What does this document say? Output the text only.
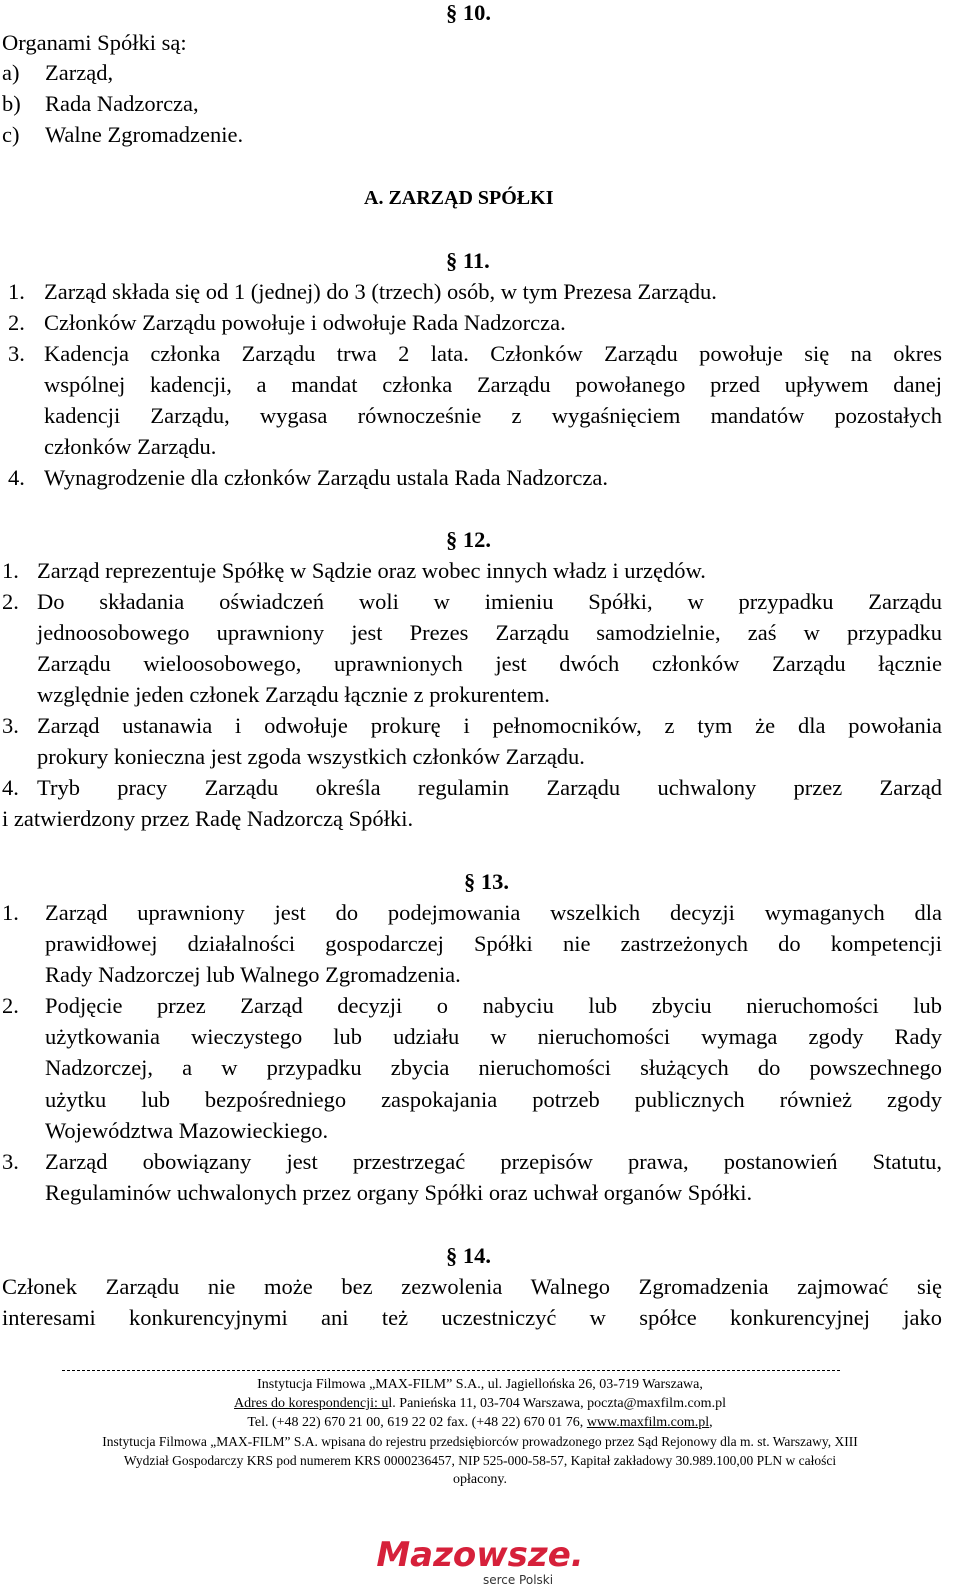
§ 10.
Organami Spółki są:
a) Zarząd,
b) Rada Nadzorcza,
c) Walne Zgromadzenie.
A. ZARZĄD SPÓŁKI
§ 11.
1. Zarząd składa się od 1 (jednej) do 3 (trzech) osób, w tym Prezesa Zarządu.
2. Członków Zarządu powołuje i odwołuje Rada Nadzorcza.
3. Kadencja członka Zarządu trwa 2 lata. Członków Zarządu powołuje się na okres
wspólnej kadencji, a mandat członka Zarządu powołanego przed upływem danej
kadencji Zarządu, wygasa równocześnie z wygaśnięciem mandatów pozostałych
członków Zarządu.
4. Wynagrodzenie dla członków Zarządu ustala Rada Nadzorcza.
§ 12.
1. Zarząd reprezentuje Spółkę w Sądzie oraz wobec innych władz i urzędów.
2. Do składania oświadczeń woli w imieniu Spółki, w przypadku Zarządu
jednoosobowego uprawniony jest Prezes Zarządu samodzielnie, zaś w przypadku
Zarządu wieloosobowego, uprawnionych jest dwóch członków Zarządu łącznie
względnie jeden członek Zarządu łącznie z prokurentem.
3. Zarząd ustanawia i odwołuje prokurę i pełnomocników, z tym że dla powołania
prokury konieczna jest zgoda wszystkich członków Zarządu.
4. Tryb pracy Zarządu określa regulamin Zarządu uchwalony przez Zarząd
i zatwierdzony przez Radę Nadzorczą Spółki.
§ 13.
1. Zarząd uprawniony jest do podejmowania wszelkich decyzji wymaganych dla
prawidłowej działalności gospodarczej Spółki nie zastrzeżonych do kompetencji
Rady Nadzorczej lub Walnego Zgromadzenia.
2. Podjęcie przez Zarząd decyzji o nabyciu lub zbyciu nieruchomości lub
użytkowania wieczystego lub udziału w nieruchomości wymaga zgody Rady
Nadzorczej, a w przypadku zbycia nieruchomości służących do powszechnego
użytku lub bezpośredniego zaspokajania potrzeb publicznych również zgody
Województwa Mazowieckiego.
3. Zarząd obowiązany jest przestrzegać przepisów prawa, postanowień Statutu,
Regulaminów uchwalonych przez organy Spółki oraz uchwał organów Spółki.
§ 14.
Członek Zarządu nie może bez zezwolenia Walnego Zgromadzenia zajmować się
interesami konkurencyjnymi ani też uczestniczyć w spółce konkurencyjnej jako
Instytucja Filmowa „MAX-FILM” S.A., ul. Jagiellońska 26, 03-719 Warszawa,
Adres do korespondencji: ul. Panieńska 11, 03-704 Warszawa, poczta@maxfilm.com.pl
Tel. (+48 22) 670 21 00, 619 22 02 fax. (+48 22) 670 01 76, www.maxfilm.com.pl,
Instytucja Filmowa „MAX-FILM” S.A. wpisana do rejestru przedsiębiorców prowadzonego przez Sąd Rejonowy dla m. st. Warszawy, XIII
Wydział Gospodarczy KRS pod numerem KRS 0000236457, NIP 525-000-58-57, Kapitał zakładowy 30.989.100,00 PLN w całości
opłacony.
Mazowsze.
serce Polski
